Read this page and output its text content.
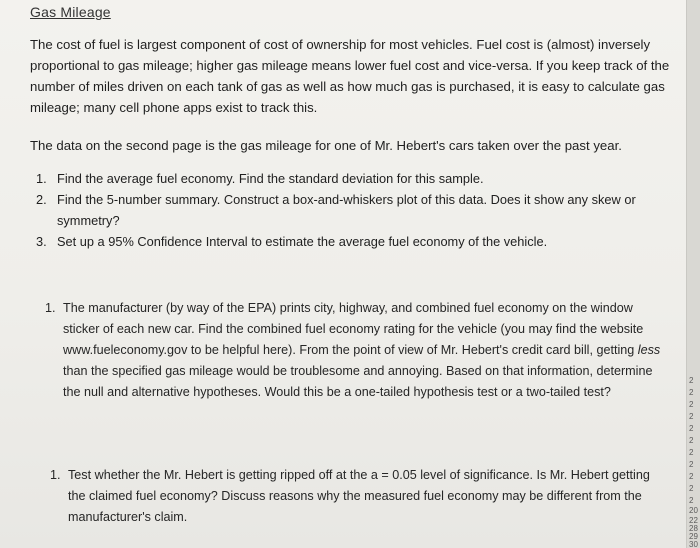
Gas Mileage
The cost of fuel is largest component of cost of ownership for most vehicles. Fuel cost is (almost) inversely proportional to gas mileage; higher gas mileage means lower fuel cost and vice-versa. If you keep track of the number of miles driven on each tank of gas as well as how much gas is purchased, it is easy to calculate gas mileage; many cell phone apps exist to track this.
The data on the second page is the gas mileage for one of Mr. Hebert's cars taken over the past year.
1. Find the average fuel economy. Find the standard deviation for this sample.
2. Find the 5-number summary. Construct a box-and-whiskers plot of this data. Does it show any skew or symmetry?
3. Set up a 95% Confidence Interval to estimate the average fuel economy of the vehicle.
1. The manufacturer (by way of the EPA) prints city, highway, and combined fuel economy on the window sticker of each new car. Find the combined fuel economy rating for the vehicle (you may find the website www.fueleconomy.gov to be helpful here). From the point of view of Mr. Hebert's credit card bill, getting less than the specified gas mileage would be troublesome and annoying. Based on that information, determine the null and alternative hypotheses. Would this be a one-tailed hypothesis test or a two-tailed test?
1. Test whether the Mr. Hebert is getting ripped off at the a = 0.05 level of significance. Is Mr. Hebert getting the claimed fuel economy? Discuss reasons why the measured fuel economy may be different from the manufacturer's claim.
2
2
2
2
2
2
2
2
2
2
2
20
22
28
29
30
